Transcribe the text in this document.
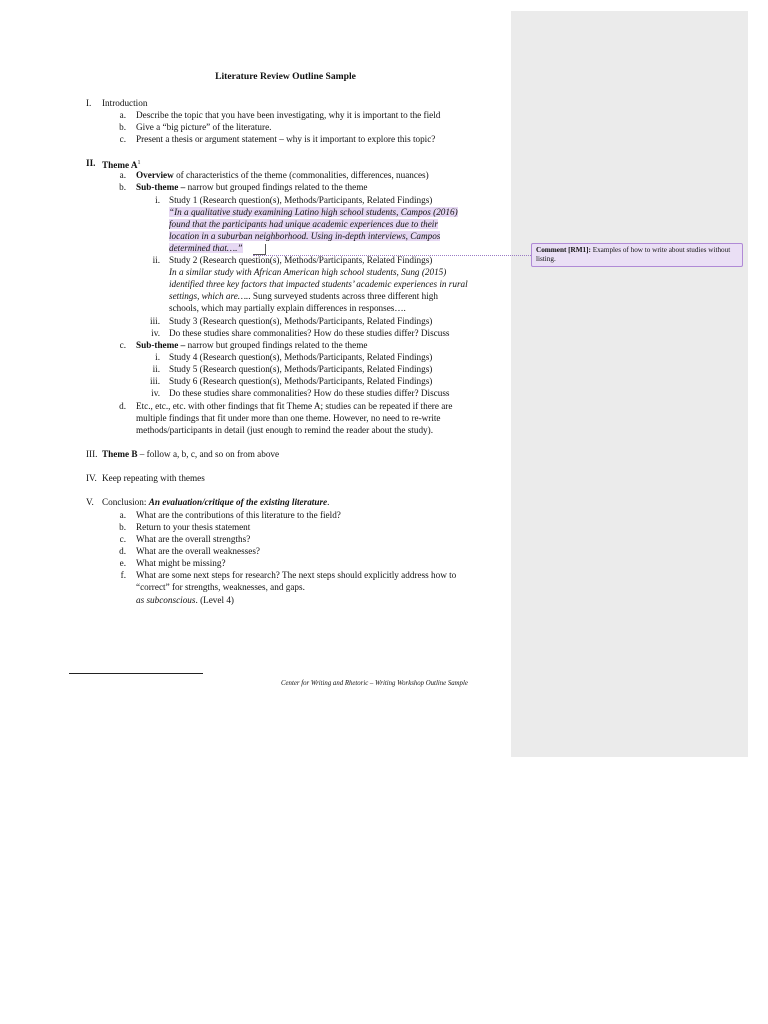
Literature Review Outline Sample
I. Introduction
a. Describe the topic that you have been investigating, why it is important to the field
b. Give a “big picture” of the literature.
c. Present a thesis or argument statement – why is it important to explore this topic?
II. Theme $A^1$
a. Overview of characteristics of the theme (commonalities, differences, nuances)
b. Sub-theme – narrow but grouped findings related to the theme
i. Study 1 (Research question(s), Methods/Participants, Related Findings)
“In a qualitative study examining Latino high school students, Campos (2016)
found that the participants had unique academic experiences due to their
location in a suburban neighborhood. Using in-depth interviews, Campos
determined that….”
ii. Study 2 (Research question(s), Methods/Participants, Related Findings)
In a similar study with African American high school students, Sung (2015)
identified three key factors that impacted students’ academic experiences in rural
settings, which are….. Sung surveyed students across three different high
schools, which may partially explain differences in responses….
iii. Study 3 (Research question(s), Methods/Participants, Related Findings)
iv. Do these studies share commonalities? How do these studies differ? Discuss
c. Sub-theme – narrow but grouped findings related to the theme
i. Study 4 (Research question(s), Methods/Participants, Related Findings)
ii. Study 5 (Research question(s), Methods/Participants, Related Findings)
iii. Study 6 (Research question(s), Methods/Participants, Related Findings)
iv. Do these studies share commonalities? How do these studies differ? Discuss
d. Etc., etc., etc. with other findings that fit Theme A; studies can be repeated if there are
multiple findings that fit under more than one theme. However, no need to re-write
methods/participants in detail (just enough to remind the reader about the study).
III. Theme B – follow a, b, c, and so on from above
IV. Keep repeating with themes
V. Conclusion: An evaluation/critique of the existing literature.
a. What are the contributions of this literature to the field?
b. Return to your thesis statement
c. What are the overall strengths?
d. What are the overall weaknesses?
e. What might be missing?
f. What are some next steps for research? The next steps should explicitly address how to
“correct” for strengths, weaknesses, and gaps.
as subconscious. (Level 4)
Center for Writing and Rhetoric – Writing Workshop Outline Sample
Comment [RM1]: Examples of how to write about studies without listing.
